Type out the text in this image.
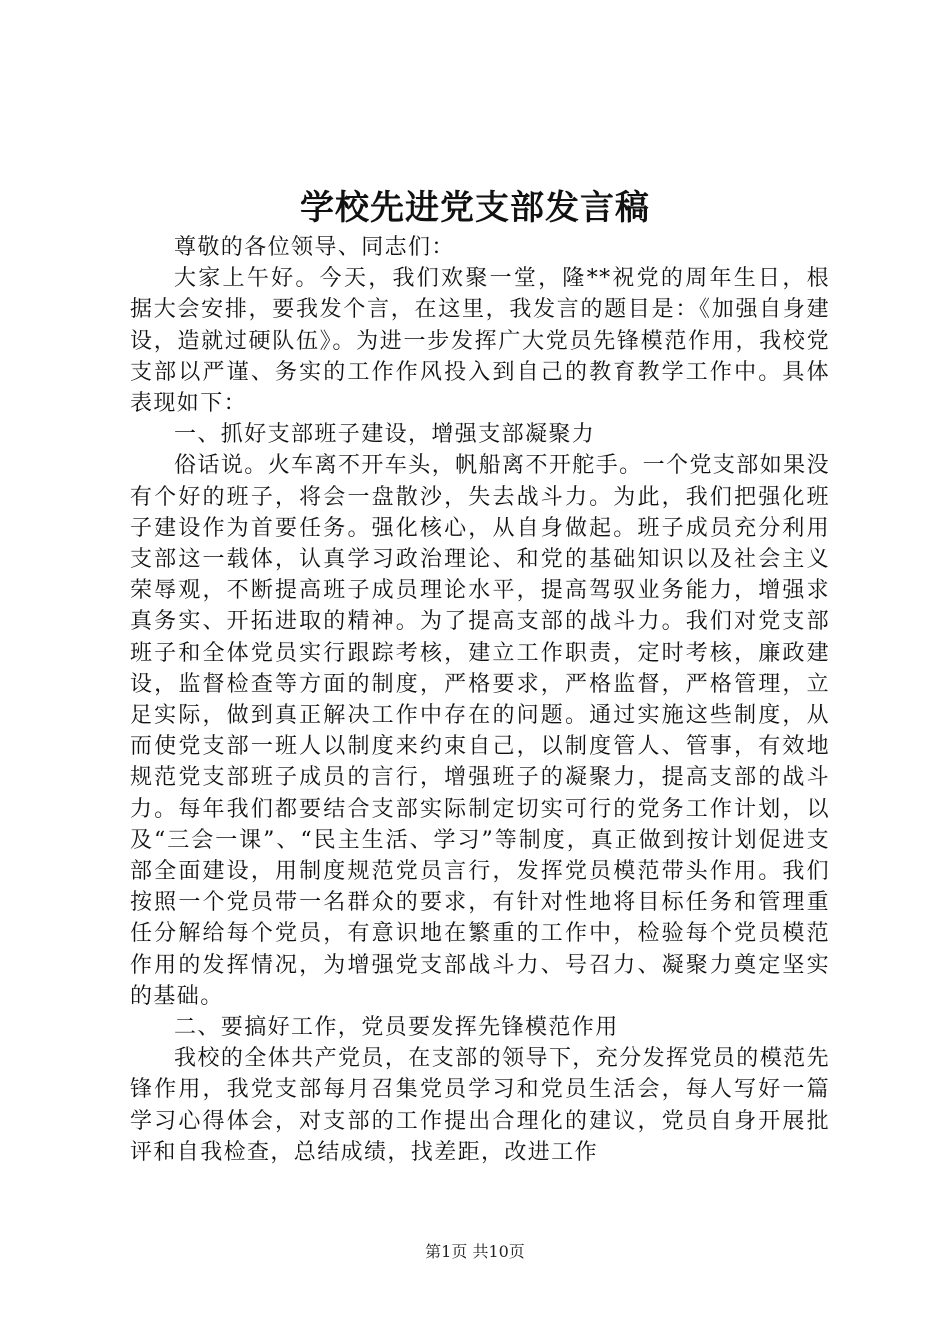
学校先进党支部发言稿

尊敬的各位领导、同志们：

大家上午好。今天，我们欢聚一堂，隆**祝党的周年生日，根据大会安排，要我发个言，在这里，我发言的题目是：《加强自身建设，造就过硬队伍》。为进一步发挥广大党员先锋模范作用，我校党支部以严谨、务实的工作作风投入到自己的教育教学工作中。具体表现如下：

一、抓好支部班子建设，增强支部凝聚力

俗话说。火车离不开车头，帆船离不开舵手。一个党支部如果没有个好的班子，将会一盘散沙，失去战斗力。为此，我们把强化班子建设作为首要任务。强化核心，从自身做起。班子成员充分利用支部这一载体，认真学习政治理论、和党的基础知识以及社会主义荣辱观，不断提高班子成员理论水平，提高驾驭业务能力，增强求真务实、开拓进取的精神。为了提高支部的战斗力。我们对党支部班子和全体党员实行跟踪考核，建立工作职责，定时考核，廉政建设，监督检查等方面的制度，严格要求，严格监督，严格管理，立足实际，做到真正解决工作中存在的问题。通过实施这些制度，从而使党支部一班人以制度来约束自己，以制度管人、管事，有效地规范党支部班子成员的言行，增强班子的凝聚力，提高支部的战斗力。每年我们都要结合支部实际制定切实可行的党务工作计划，以及“三会一课”、“民主生活、学习”等制度，真正做到按计划促进支部全面建设，用制度规范党员言行，发挥党员模范带头作用。我们按照一个党员带一名群众的要求，有针对性地将目标任务和管理重任分解给每个党员，有意识地在繁重的工作中，检验每个党员模范作用的发挥情况，为增强党支部战斗力、号召力、凝聚力奠定坚实的基础。

二、要搞好工作，党员要发挥先锋模范作用

我校的全体共产党员，在支部的领导下，充分发挥党员的模范先锋作用，我党支部每月召集党员学习和党员生活会，每人写好一篇学习心得体会，对支部的工作提出合理化的建议，党员自身开展批评和自我检查，总结成绩，找差距，改进工作

第1页 共10页
